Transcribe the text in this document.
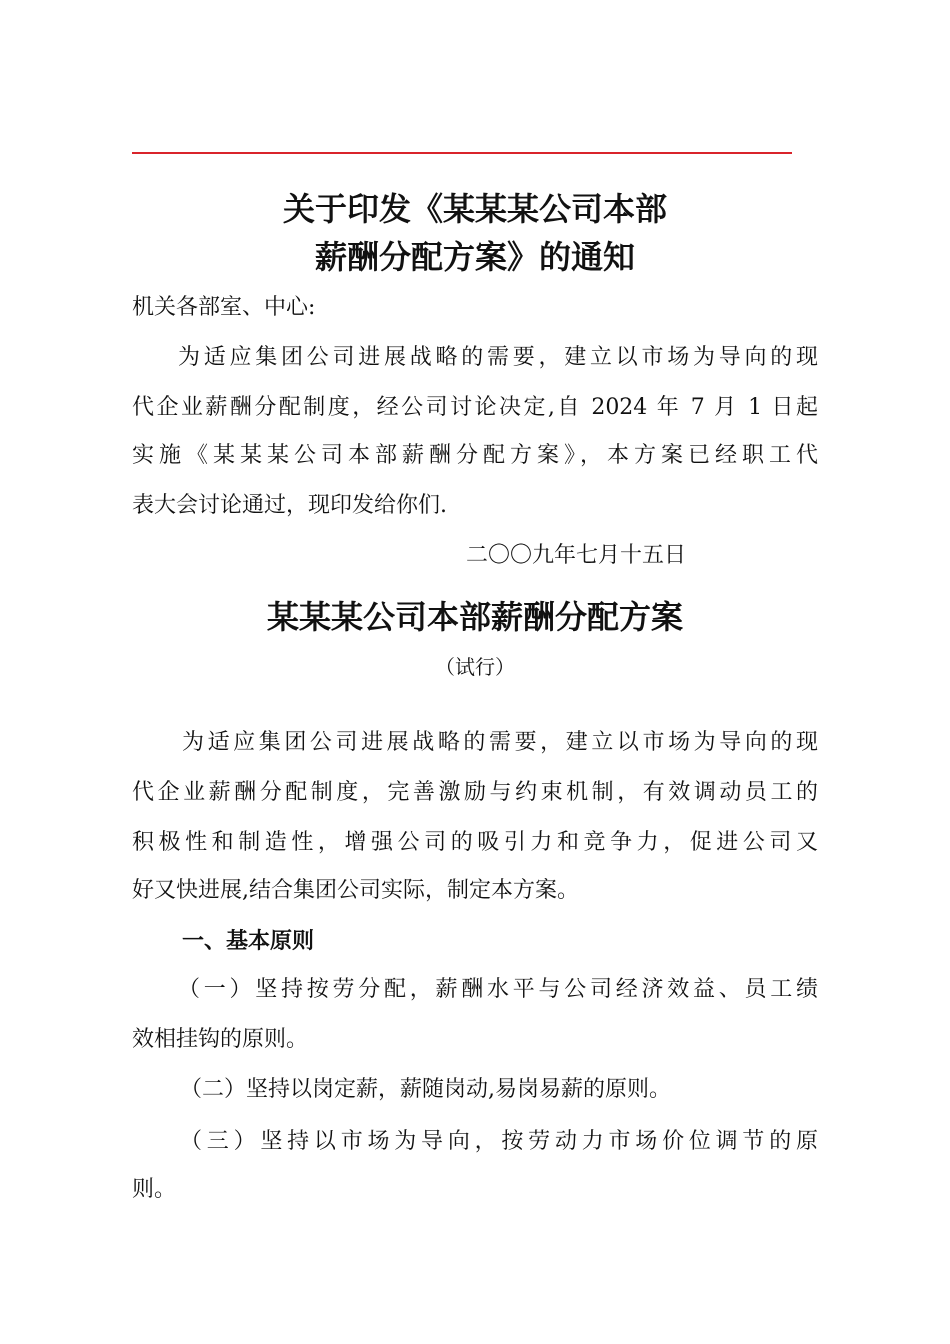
关于印发《某某某公司本部
薪酬分配方案》的通知
机关各部室、中心:
为适应集团公司进展战略的需要，建立以市场为导向的现
代企业薪酬分配制度，经公司讨论决定,自 2024 年 7 月 1 日起
实施《某某某公司本部薪酬分配方案》，本方案已经职工代
表大会讨论通过，现印发给你们.
二〇〇九年七月十五日
某某某公司本部薪酬分配方案
（试行）
为适应集团公司进展战略的需要，建立以市场为导向的现
代企业薪酬分配制度，完善激励与约束机制，有效调动员工的
积极性和制造性，增强公司的吸引力和竞争力，促进公司又
好又快进展,结合集团公司实际，制定本方案。
一、基本原则
（一）坚持按劳分配，薪酬水平与公司经济效益、员工绩
效相挂钩的原则。
（二）坚持以岗定薪，薪随岗动,易岗易薪的原则。
（三）坚持以市场为导向，按劳动力市场价位调节的原
则。
